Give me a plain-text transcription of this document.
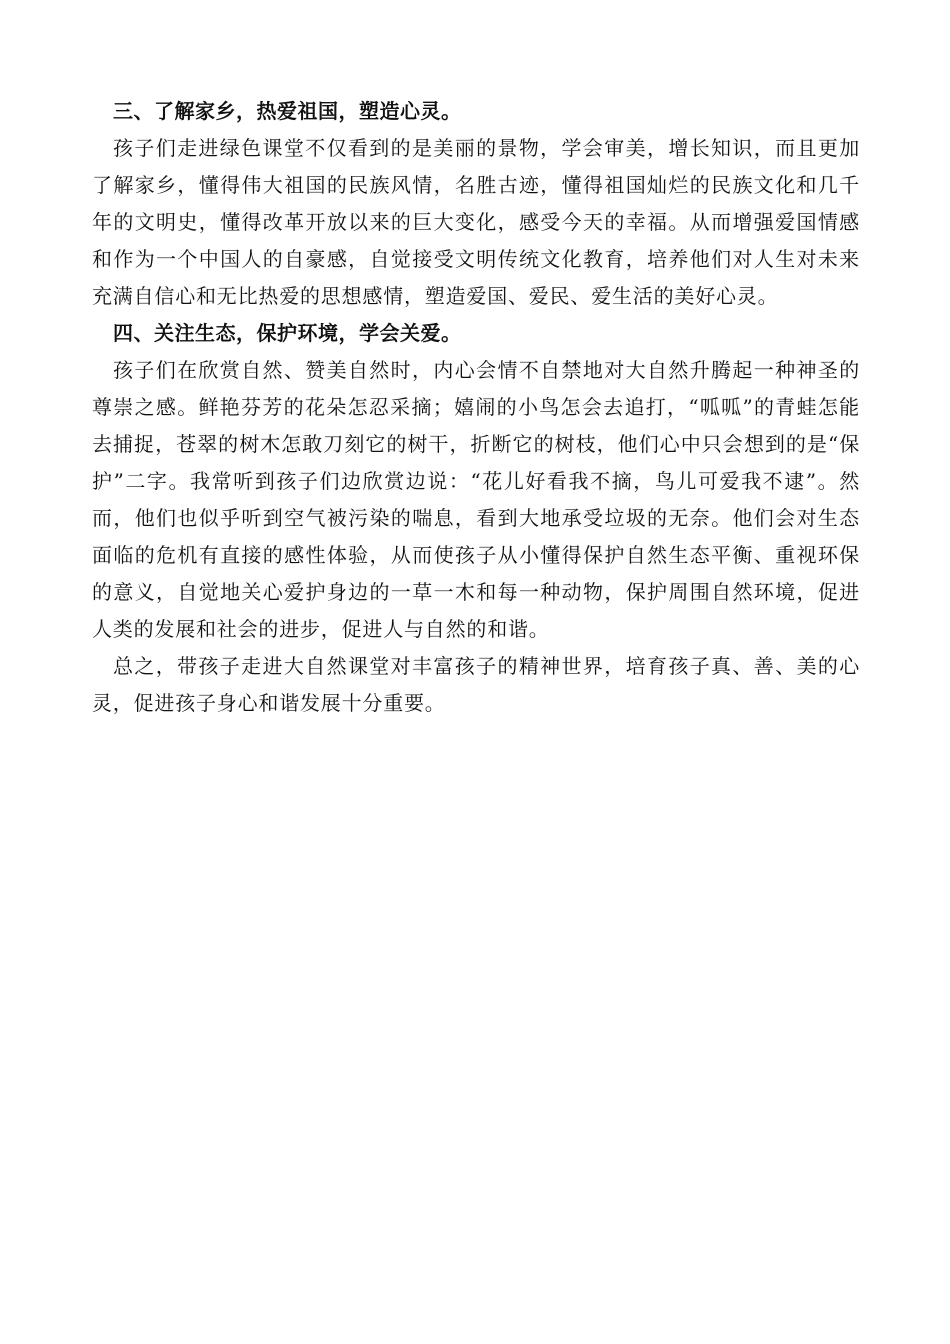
三、了解家乡，热爱祖国，塑造心灵。

孩子们走进绿色课堂不仅看到的是美丽的景物，学会审美，增长知识，而且更加了解家乡，懂得伟大祖国的民族风情，名胜古迹，懂得祖国灿烂的民族文化和几千年的文明史，懂得改革开放以来的巨大变化，感受今天的幸福。从而增强爱国情感和作为一个中国人的自豪感，自觉接受文明传统文化教育，培养他们对人生对未来充满自信心和无比热爱的思想感情，塑造爱国、爱民、爱生活的美好心灵。

四、关注生态，保护环境，学会关爱。

孩子们在欣赏自然、赞美自然时，内心会情不自禁地对大自然升腾起一种神圣的尊崇之感。鲜艳芬芳的花朵怎忍采摘；嬉闹的小鸟怎会去追打，“呱呱”的青蛙怎能去捕捉，苍翠的树木怎敢刀刻它的树干，折断它的树枝，他们心中只会想到的是“保护”二字。我常听到孩子们边欣赏边说：“花儿好看我不摘，鸟儿可爱我不逮”。然而，他们也似乎听到空气被污染的喘息，看到大地承受垃圾的无奈。他们会对生态面临的危机有直接的感性体验，从而使孩子从小懂得保护自然生态平衡、重视环保的意义，自觉地关心爱护身边的一草一木和每一种动物，保护周围自然环境，促进人类的发展和社会的进步，促进人与自然的和谐。

总之，带孩子走进大自然课堂对丰富孩子的精神世界，培育孩子真、善、美的心灵，促进孩子身心和谐发展十分重要。
